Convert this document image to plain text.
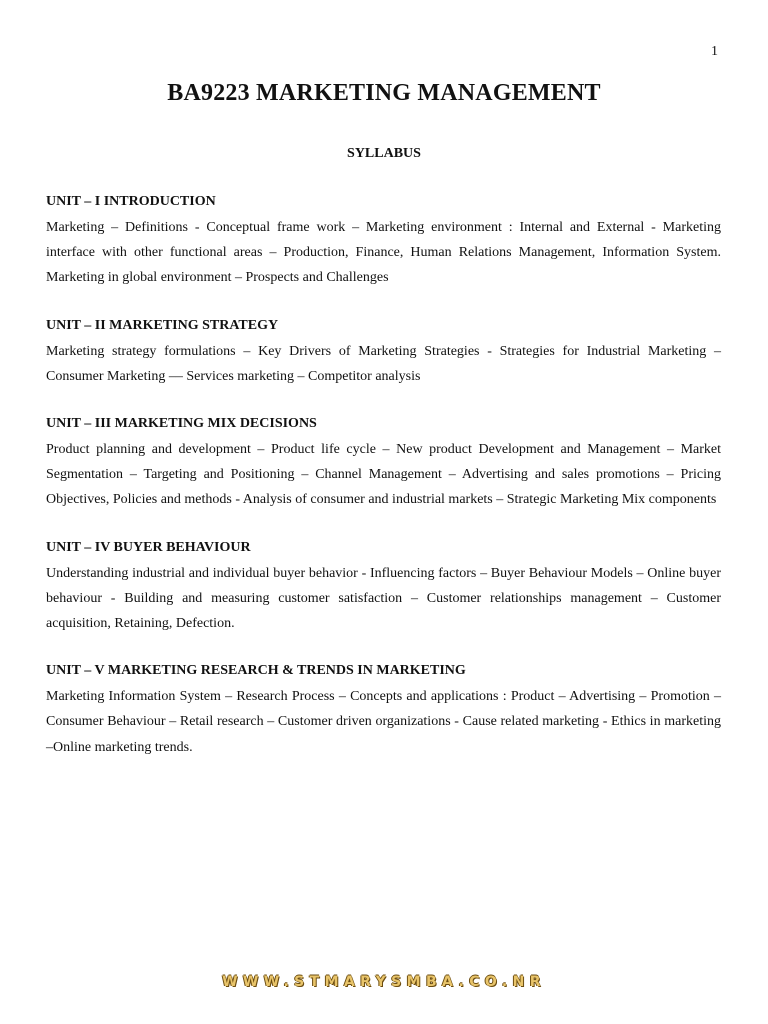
1
BA9223 MARKETING MANAGEMENT
SYLLABUS

UNIT – I INTRODUCTION

Marketing – Definitions - Conceptual frame work – Marketing environment : Internal and External - Marketing interface with other functional areas – Production, Finance, Human Relations Management, Information System. Marketing in global environment – Prospects and Challenges

UNIT – II MARKETING STRATEGY

Marketing strategy formulations – Key Drivers of Marketing Strategies - Strategies for Industrial Marketing – Consumer Marketing –– Services marketing – Competitor analysis

UNIT – III MARKETING MIX DECISIONS

Product planning and development – Product life cycle – New product Development and Management – Market Segmentation – Targeting and Positioning – Channel Management – Advertising and sales promotions – Pricing Objectives, Policies and methods - Analysis of consumer and industrial markets – Strategic Marketing Mix components

UNIT – IV BUYER BEHAVIOUR

Understanding industrial and individual buyer behavior - Influencing factors – Buyer Behaviour Models – Online buyer behaviour - Building and measuring customer satisfaction – Customer relationships management – Customer acquisition, Retaining, Defection.

UNIT – V MARKETING RESEARCH & TRENDS IN MARKETING

Marketing Information System – Research Process – Concepts and applications : Product – Advertising – Promotion – Consumer Behaviour – Retail research – Customer driven organizations - Cause related marketing - Ethics in marketing –Online marketing trends.

WWW.STMARYSMBA.CO.NR
